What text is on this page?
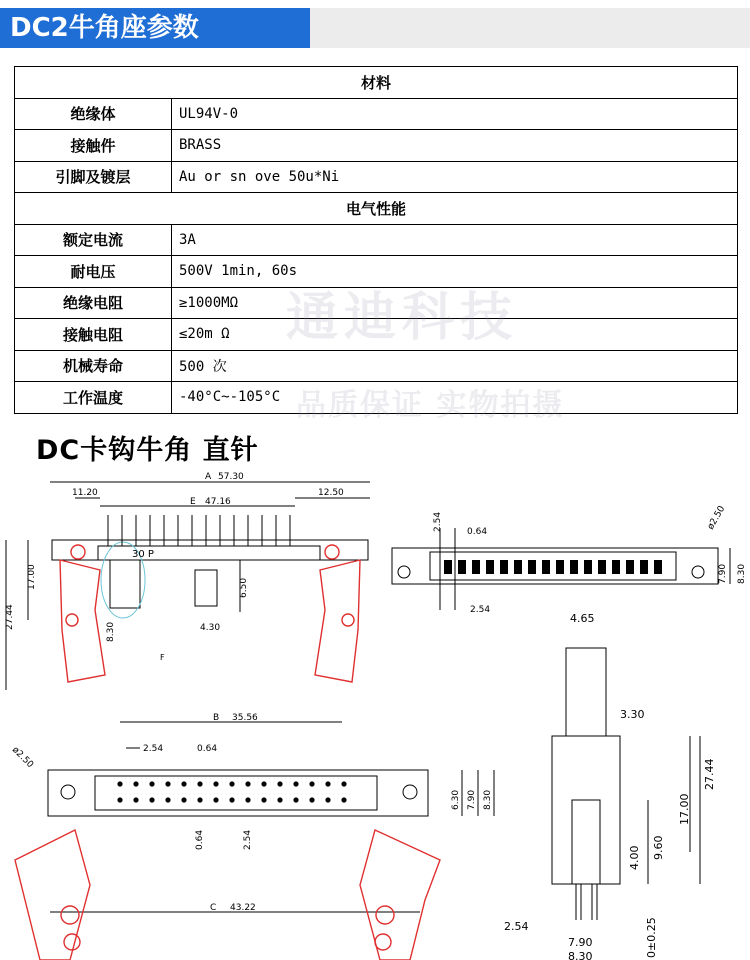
DC2牛角座参数
材料	
绝缘体	UL94V-0
接触件	BRASS
引脚及镀层	Au or sn ove 50u*Ni
电气性能	
额定电流	3A
耐电压	500V 1min, 60s
绝缘电阻	≥1000MΩ
接触电阻	≤20m Ω
机械寿命	500 次
工作温度	-40°C~-105°C
DC卡钩牛角 直针
通迪科技
品质保证 实物拍摄
A 57.30
E 47.16
11.20	12.50
30 P
27.44
17.00	6.50
4.30
8.30
F
2.54	0.64
2.54
ø2.50
7.90 8.30
4.65
3.30
27.44
17.00
9.60
4.00
2.54
7.90
8.30	0±0.25
B 35.56
2.54	0.64
0.64	2.54
ø2.50
6.30 7.90 8.30
C 43.22
